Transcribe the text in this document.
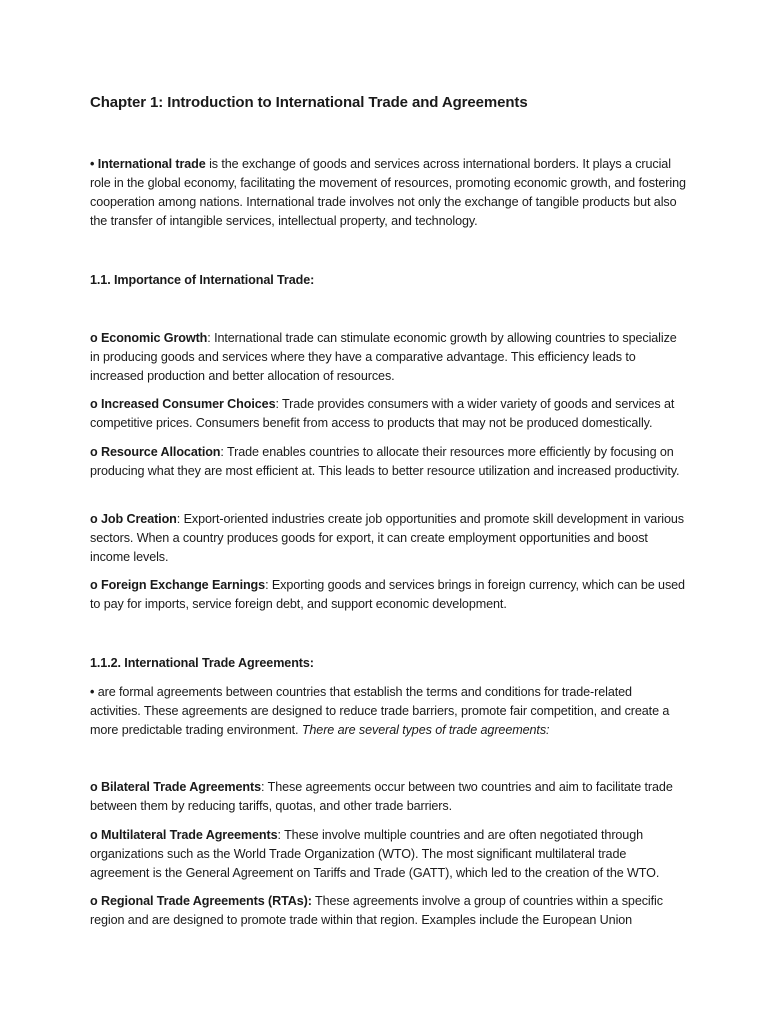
Chapter 1: Introduction to International Trade and Agreements

• International trade is the exchange of goods and services across international borders. It plays a crucial role in the global economy, facilitating the movement of resources, promoting economic growth, and fostering cooperation among nations. International trade involves not only the exchange of tangible products but also the transfer of intangible services, intellectual property, and technology.

1.1. Importance of International Trade:

o Economic Growth: International trade can stimulate economic growth by allowing countries to specialize in producing goods and services where they have a comparative advantage. This efficiency leads to increased production and better allocation of resources.

o Increased Consumer Choices: Trade provides consumers with a wider variety of goods and services at competitive prices. Consumers benefit from access to products that may not be produced domestically.

o Resource Allocation: Trade enables countries to allocate their resources more efficiently by focusing on producing what they are most efficient at. This leads to better resource utilization and increased productivity.

o Job Creation: Export-oriented industries create job opportunities and promote skill development in various sectors. When a country produces goods for export, it can create employment opportunities and boost income levels.

o Foreign Exchange Earnings: Exporting goods and services brings in foreign currency, which can be used to pay for imports, service foreign debt, and support economic development.

1.1.2. International Trade Agreements:

• are formal agreements between countries that establish the terms and conditions for trade-related activities. These agreements are designed to reduce trade barriers, promote fair competition, and create a more predictable trading environment. There are several types of trade agreements:

o Bilateral Trade Agreements: These agreements occur between two countries and aim to facilitate trade between them by reducing tariffs, quotas, and other trade barriers.

o Multilateral Trade Agreements: These involve multiple countries and are often negotiated through organizations such as the World Trade Organization (WTO). The most significant multilateral trade agreement is the General Agreement on Tariffs and Trade (GATT), which led to the creation of the WTO.

o Regional Trade Agreements (RTAs): These agreements involve a group of countries within a specific region and are designed to promote trade within that region. Examples include the European Union
